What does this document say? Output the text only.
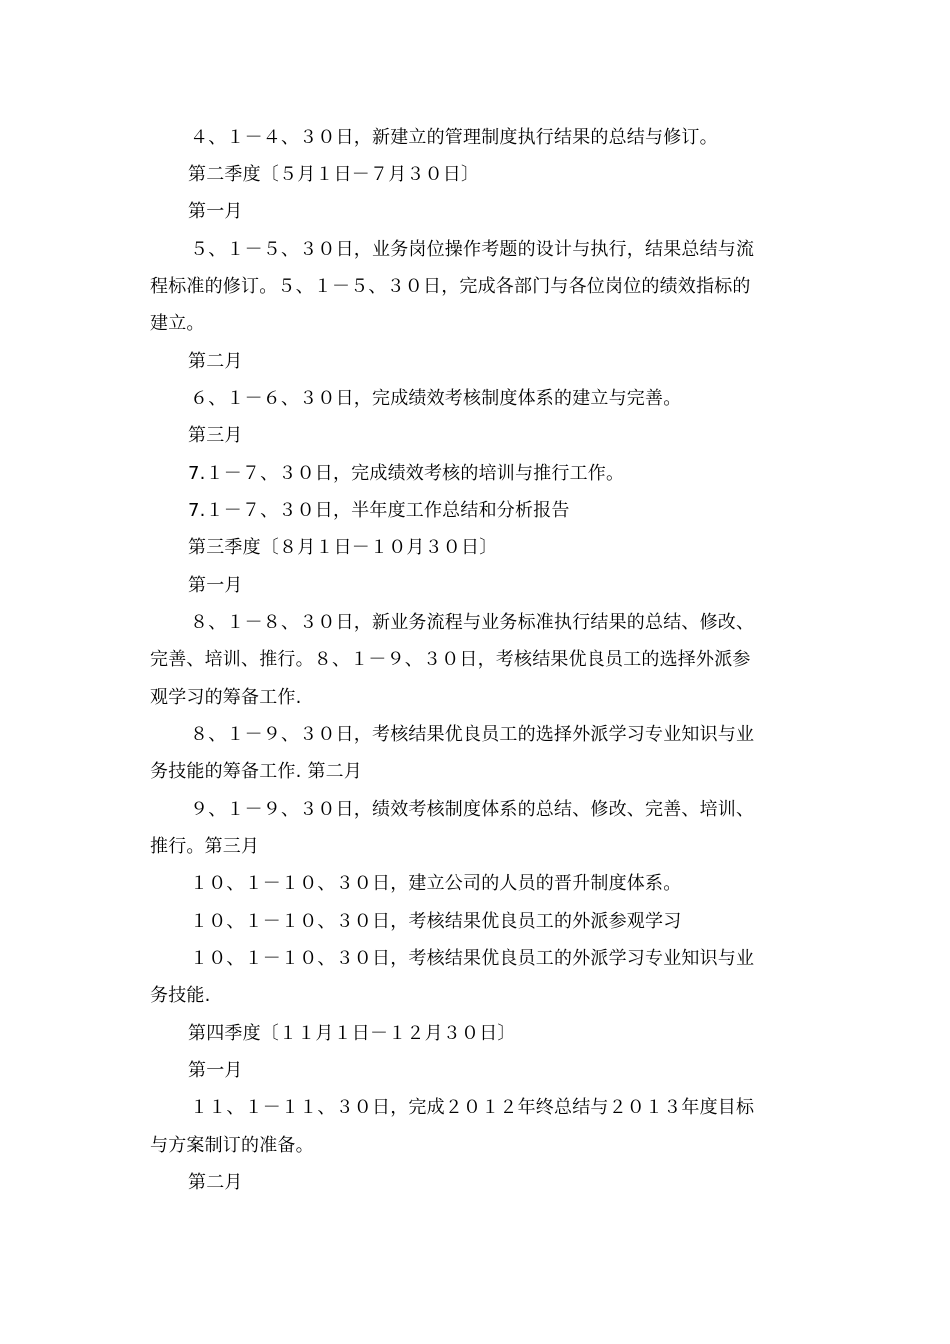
４、１－４、３０日，新建立的管理制度执行结果的总结与修订。
第二季度〔５月１日－７月３０日〕
第一月
５、１－５、３０日，业务岗位操作考题的设计与执行，结果总结与流
程标准的修订。５、１－５、３０日，完成各部门与各位岗位的绩效指标的
建立。
第二月
６、１－６、３０日，完成绩效考核制度体系的建立与完善。
第三月
7.１－７、３０日，完成绩效考核的培训与推行工作。
7.１－７、３０日，半年度工作总结和分析报告
第三季度〔８月１日－１０月３０日〕
第一月
８、１－８、３０日，新业务流程与业务标准执行结果的总结、修改、
完善、培训、推行。８、１－９、３０日，考核结果优良员工的选择外派参
观学习的筹备工作.
８、１－９、３０日，考核结果优良员工的选择外派学习专业知识与业
务技能的筹备工作. 第二月
９、１－９、３０日，绩效考核制度体系的总结、修改、完善、培训、
推行。第三月
１０、１－１０、３０日，建立公司的人员的晋升制度体系。
１０、１－１０、３０日，考核结果优良员工的外派参观学习
１０、１－１０、３０日，考核结果优良员工的外派学习专业知识与业
务技能.
第四季度〔１１月１日－１２月３０日〕
第一月
１１、１－１１、３０日，完成２０１２年终总结与２０１３年度目标
与方案制订的准备。
第二月
